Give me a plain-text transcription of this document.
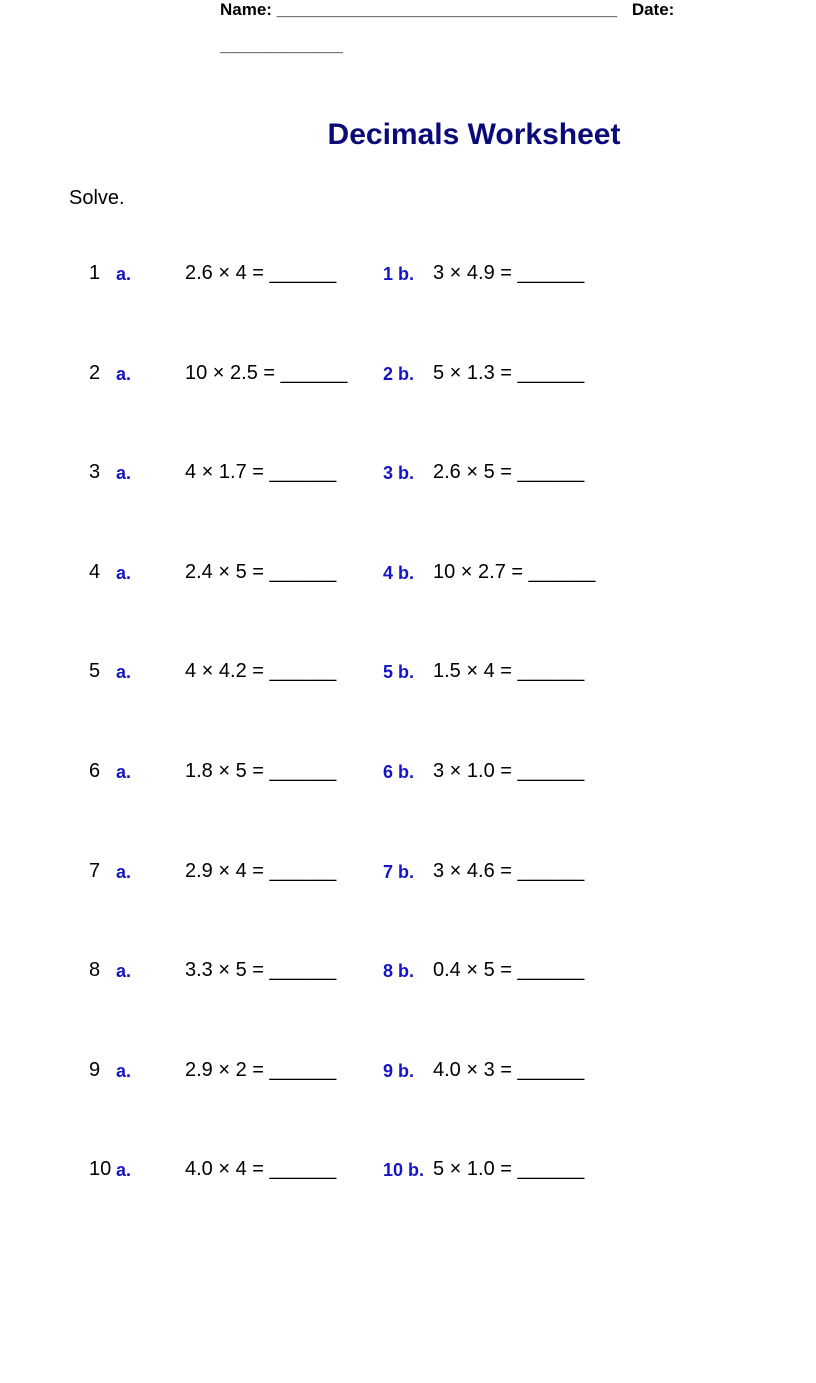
Name: ____________________________________ Date:
_____________
Decimals Worksheet
Solve.
1 a.	2.6 × 4 = ______	1 b. 3 × 4.9 = ______
2 a.	10 × 2.5 = ______ 2 b. 5 × 1.3 = ______
3 a.	4 × 1.7 = ______	3 b. 2.6 × 5 = ______
4 a.	2.4 × 5 = ______	4 b. 10 × 2.7 = ______
5 a.	4 × 4.2 = ______	5 b. 1.5 × 4 = ______
6 a.	1.8 × 5 = ______	6 b. 3 × 1.0 = ______
7 a.	2.9 × 4 = ______	7 b. 3 × 4.6 = ______
8 a.	3.3 × 5 = ______	8 b. 0.4 × 5 = ______
9 a.	2.9 × 2 = ______	9 b. 4.0 × 3 = ______
10 a.	4.0 × 4 = ______	10 b. 5 × 1.0 = ______
